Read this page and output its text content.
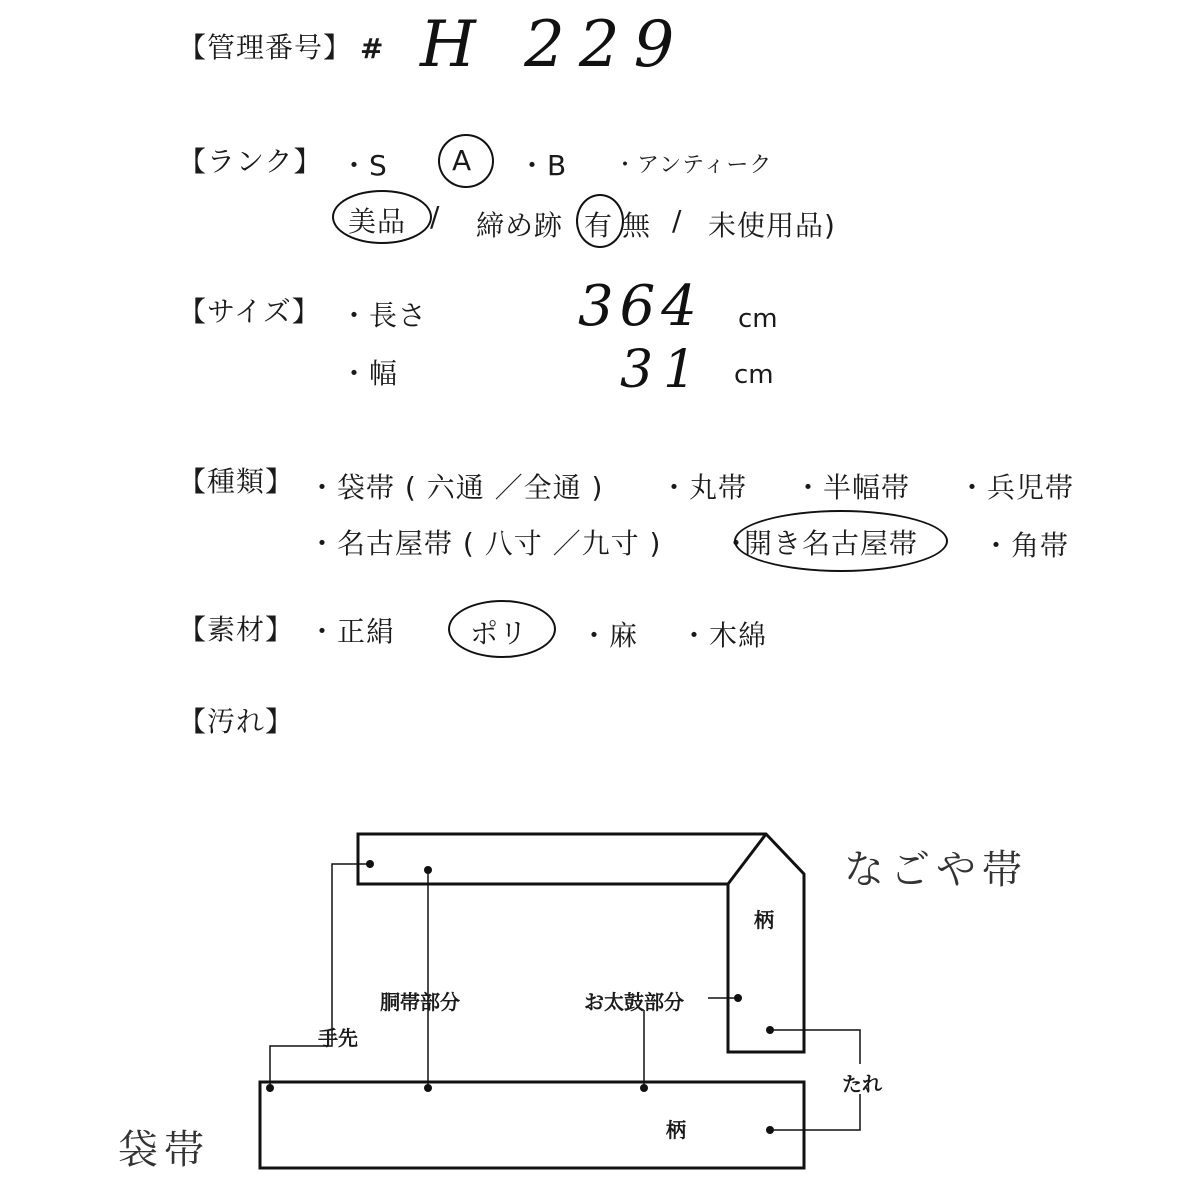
【管理番号】 # H 229
【ランク】 ・S A ・B ・アンティーク
美品 / 締め跡 有 無 / 未使用品)
【サイズ】 ・長さ	364 cm
・幅	31 cm
【種類】 ・袋帯 ( 六通 ／全通 ) ・丸帯 ・半幅帯 ・兵児帯
・名古屋帯 ( 八寸 ／九寸 ) ・
開き名古屋帯 ・角帯
【素材】 ・正絹	ポリ ・麻 ・木綿
【汚れ】
なごや帯
袋帯
柄
柄
胴帯部分	お太鼓部分
手先
たれ
